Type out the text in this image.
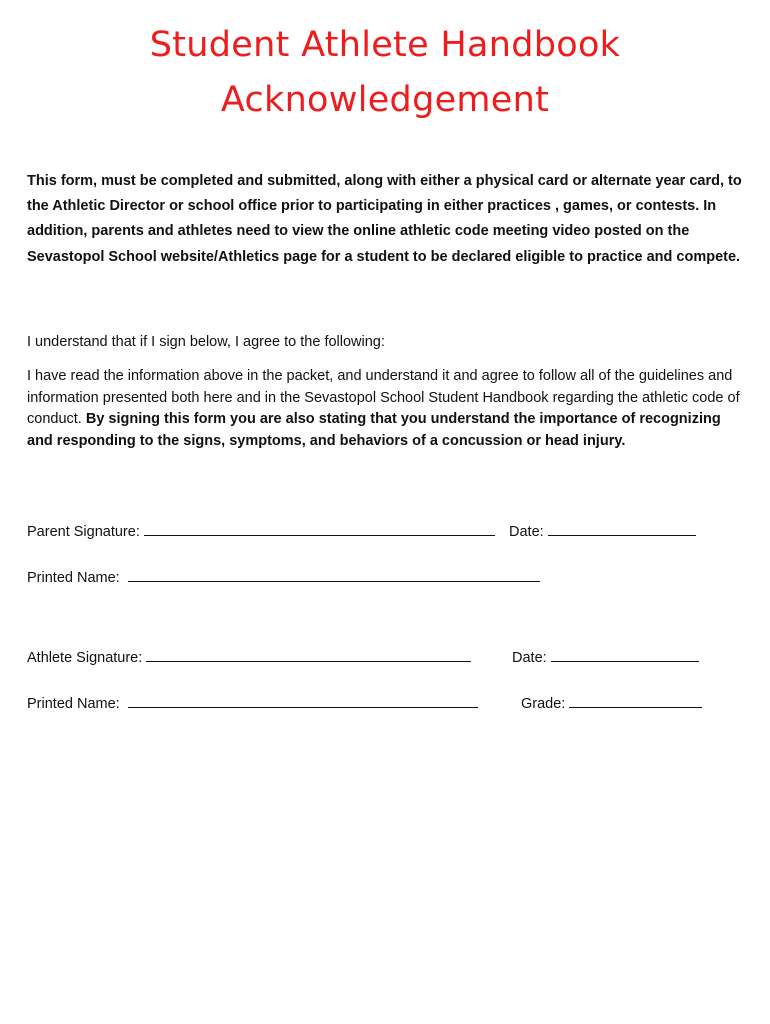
Student Athlete Handbook
Acknowledgement

This form, must be completed and submitted, along with either a physical card or alternate year card, to the Athletic Director or school office prior to participating in either practices , games, or contests. In addition, parents and athletes need to view the online athletic code meeting video posted on the Sevastopol School website/Athletics page for a student to be declared eligible to practice and compete.

I understand that if I sign below, I agree to the following:

I have read the information above in the packet, and understand it and agree to follow all of the guidelines and information presented both here and in the Sevastopol School Student Handbook regarding the athletic code of conduct. By signing this form you are also stating that you understand the importance of recognizing and responding to the signs, symptoms, and behaviors of a concussion or head injury.

Parent Signature:	Date:
Printed Name:
Athlete Signature:	Date:
Printed Name:	Grade:
